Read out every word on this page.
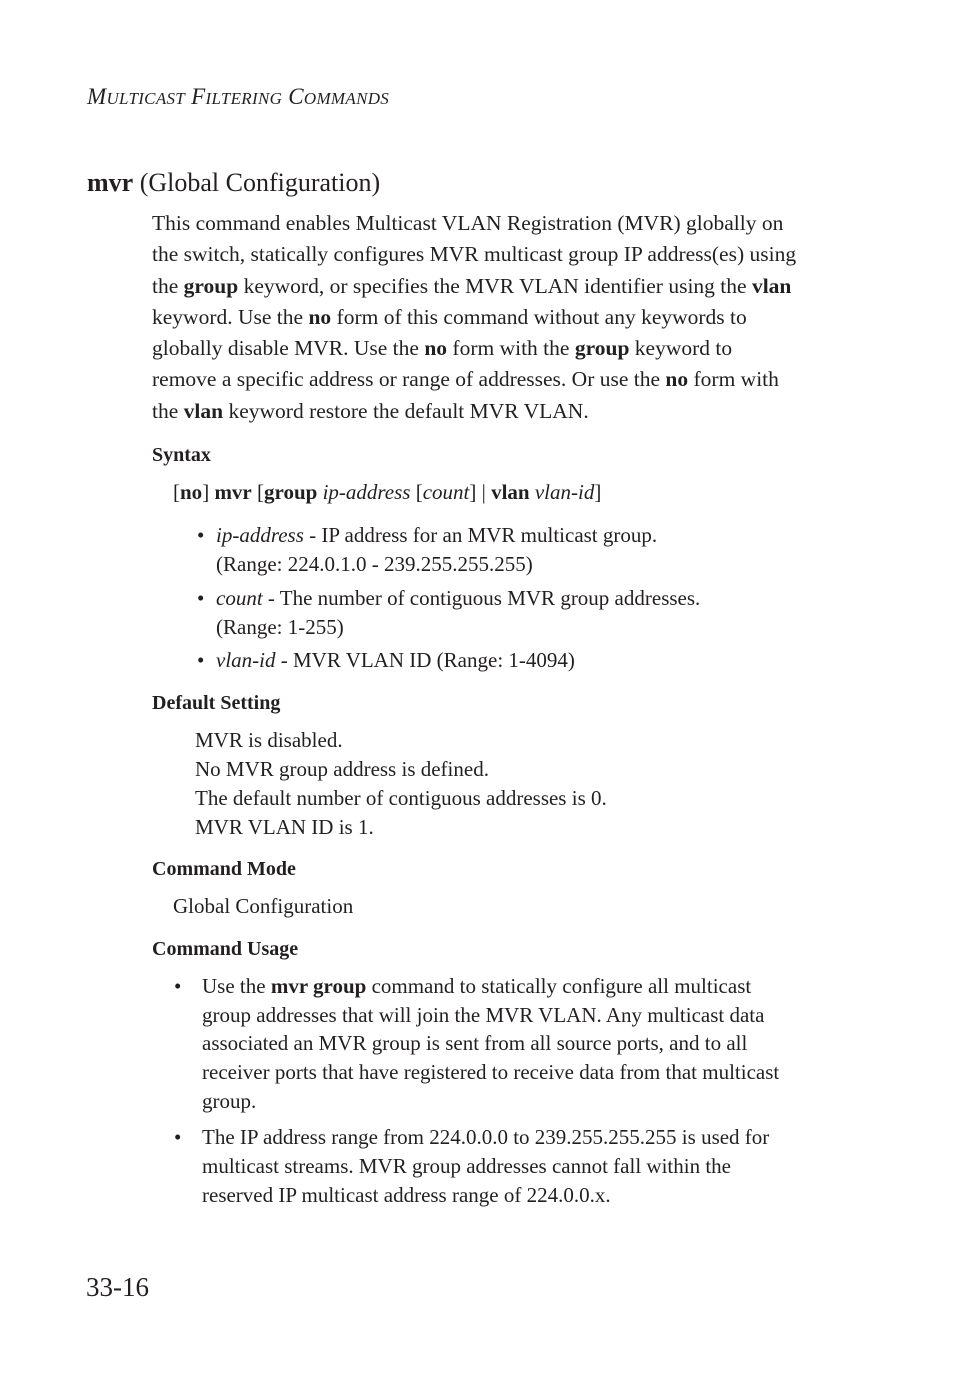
MULTICAST FILTERING COMMANDS
mvr (Global Configuration)

This command enables Multicast VLAN Registration (MVR) globally on

the switch, statically configures MVR multicast group IP address(es) using

the group keyword, or specifies the MVR VLAN identifier using the vlan

keyword. Use the no form of this command without any keywords to

globally disable MVR. Use the no form with the group keyword to

remove a specific address or range of addresses. Or use the no form with

the vlan keyword restore the default MVR VLAN.

Syntax
[no] mvr [group ip-address [count] | vlan vlan-id]
• ip-address - IP address for an MVR multicast group.
(Range: 224.0.1.0 - 239.255.255.255)
• count - The number of contiguous MVR group addresses.
(Range: 1-255)
• vlan-id - MVR VLAN ID (Range: 1-4094)
Default Setting
MVR is disabled.
No MVR group address is defined.
The default number of contiguous addresses is 0.
MVR VLAN ID is 1.
Command Mode
Global Configuration
Command Usage
• Use the mvr group command to statically configure all multicast
group addresses that will join the MVR VLAN. Any multicast data
associated an MVR group is sent from all source ports, and to all
receiver ports that have registered to receive data from that multicast
group.
• The IP address range from 224.0.0.0 to 239.255.255.255 is used for
multicast streams. MVR group addresses cannot fall within the
reserved IP multicast address range of 224.0.0.x.
33-16
